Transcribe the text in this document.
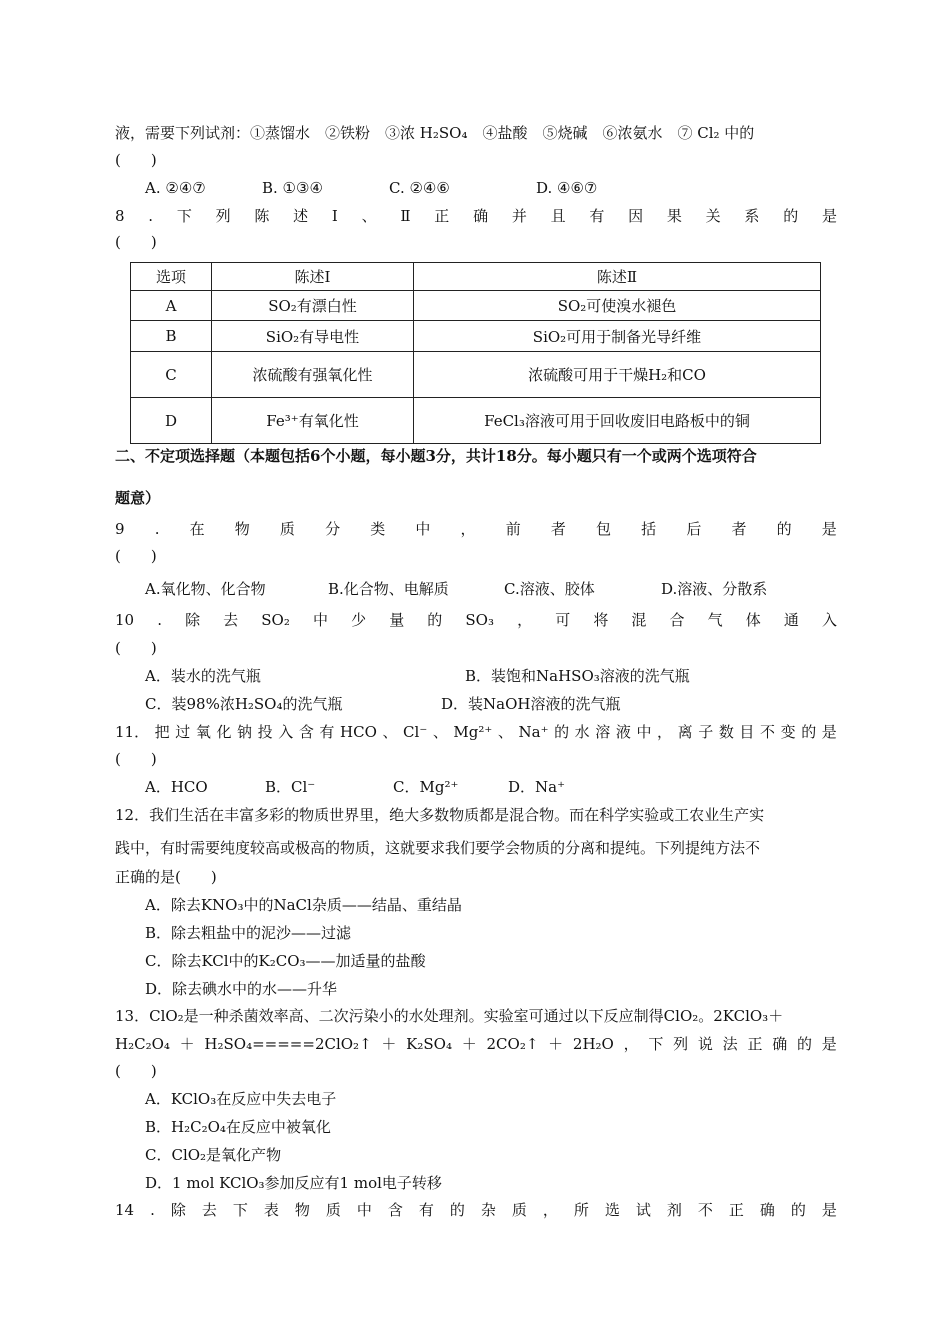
液，需要下列试剂：①蒸馏水　②铁粉　③浓 H₂SO₄　④盐酸　⑤烧碱　⑥浓氨水　⑦ Cl₂ 中的
(　　)
A. ②④⑦	B. ①③④	C. ②④⑥	D. ④⑥⑦
8 . 下 列 陈 述 Ⅰ 、 Ⅱ 正 确 并 且 有 因 果 关 系 的 是
(　　)
选项	陈述Ⅰ	陈述Ⅱ
A	SO₂有漂白性	SO₂可使溴水褪色
B	SiO₂有导电性	SiO₂可用于制备光导纤维
C	浓硫酸有强氧化性	浓硫酸可用于干燥H₂和CO
D	Fe³⁺有氧化性	FeCl₃溶液可用于回收废旧电路板中的铜
二、不定项选择题（本题包括6个小题，每小题3分，共计18分。每小题只有一个或两个选项符合
题意）
9 . 在 物 质 分 类 中 ， 前 者 包 括 后 者 的 是
(　　)
A.氧化物、化合物	B.化合物、电解质	C.溶液、胶体	D.溶液、分散系
10 . 除 去 SO₂ 中 少 量 的 SO₃ ， 可 将 混 合 气 体 通 入
(　　)
A．装水的洗气瓶	B．装饱和NaHSO₃溶液的洗气瓶
C．装98%浓H₂SO₄的洗气瓶	D．装NaOH溶液的洗气瓶
11． 把 过 氧 化 钠 投 入 含 有 HCO 、 Cl⁻ 、 Mg²⁺ 、 Na⁺ 的 水 溶 液 中 ， 离 子 数 目 不 变 的 是
(　　)
A．HCO	B．Cl⁻	C．Mg²⁺	D．Na⁺
12．我们生活在丰富多彩的物质世界里，绝大多数物质都是混合物。而在科学实验或工农业生产实
践中，有时需要纯度较高或极高的物质，这就要求我们要学会物质的分离和提纯。下列提纯方法不
正确的是(　　)
A．除去KNO₃中的NaCl杂质——结晶、重结晶
B．除去粗盐中的泥沙——过滤
C．除去KCl中的K₂CO₃——加适量的盐酸
D．除去碘水中的水——升华
13．ClO₂是一种杀菌效率高、二次污染小的水处理剂。实验室可通过以下反应制得ClO₂。2KClO₃＋
H₂C₂O₄ ＋ H₂SO₄=====2ClO₂↑ ＋ K₂SO₄ ＋ 2CO₂↑ ＋ 2H₂O ， 下 列 说 法 正 确 的 是
(　　)
A．KClO₃在反应中失去电子
B．H₂C₂O₄在反应中被氧化
C．ClO₂是氧化产物
D．1 mol KClO₃参加反应有1 mol电子转移
14 . 除 去 下 表 物 质 中 含 有 的 杂 质 ， 所 选 试 剂 不 正 确 的 是
